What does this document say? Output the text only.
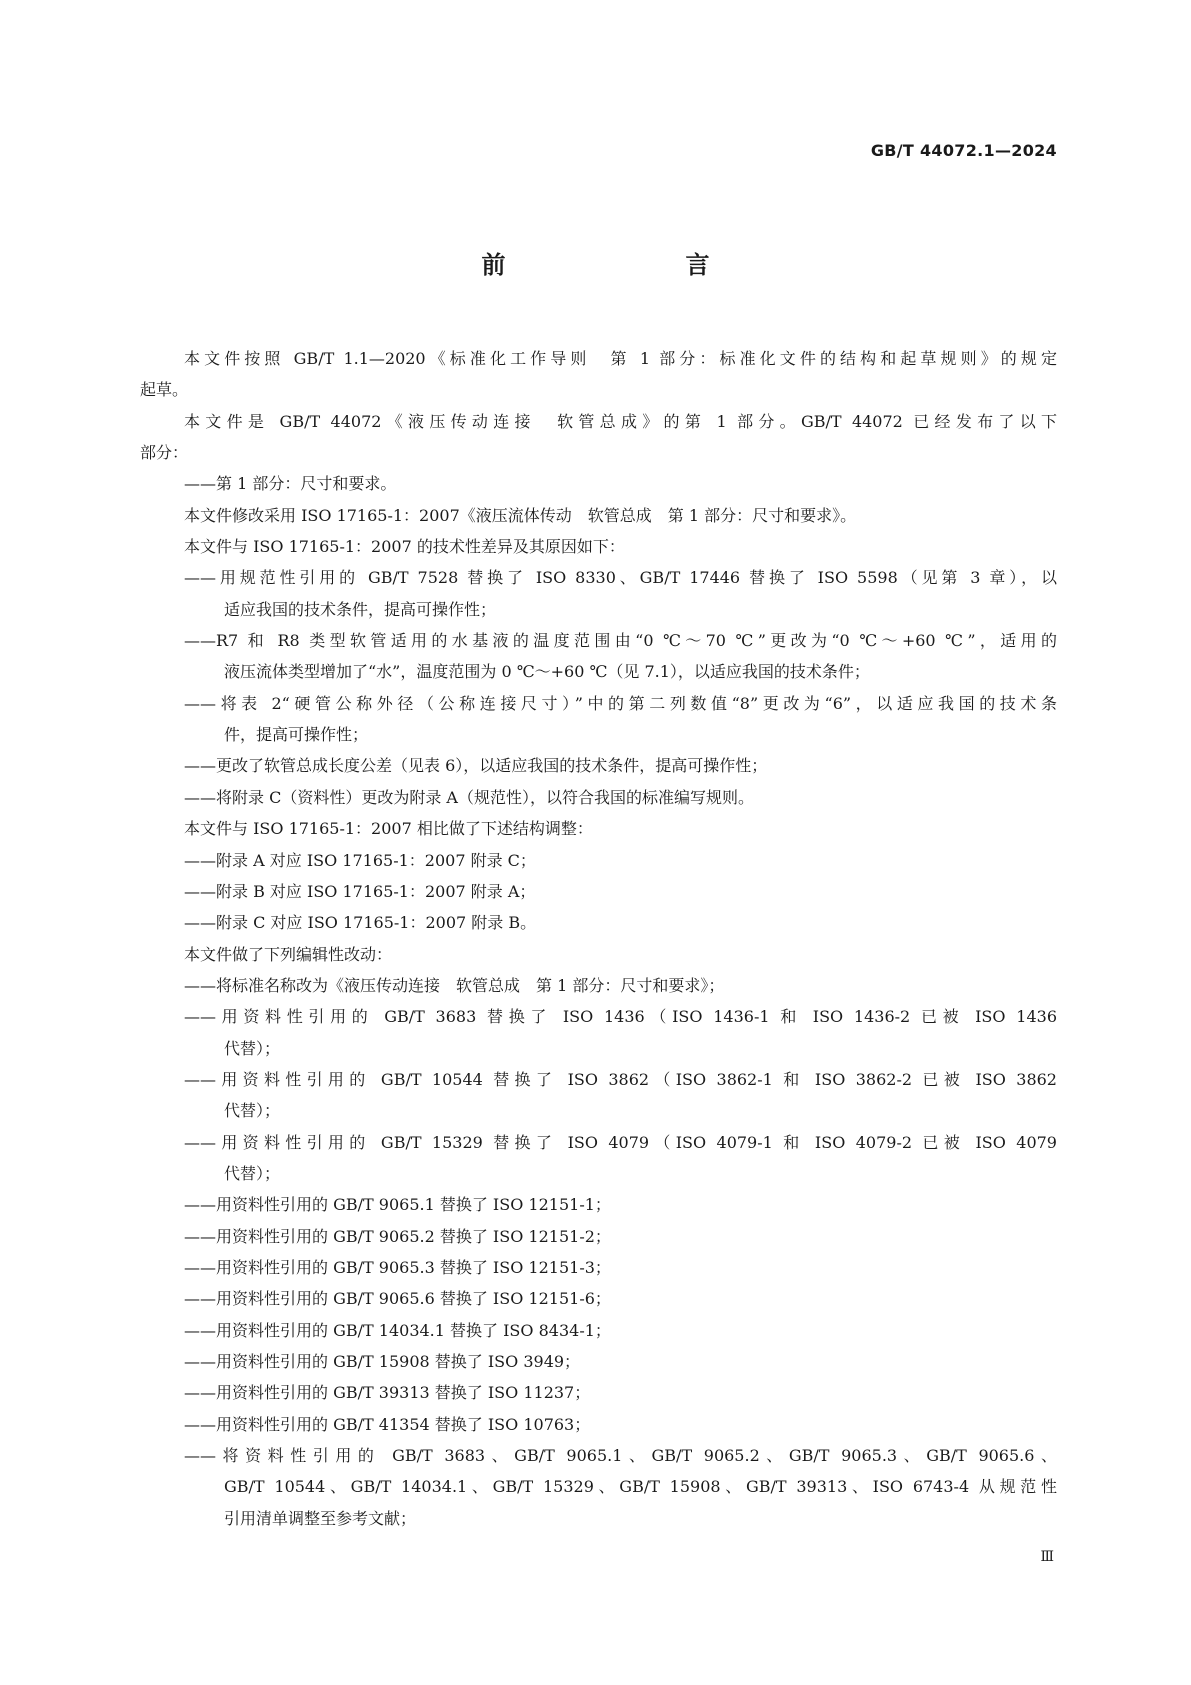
GB/T 44072.1—2024
前　　言
本文件按照 GB/T 1.1—2020《标准化工作导则　第 1 部分：标准化文件的结构和起草规则》的规定
起草。
本文件是 GB/T 44072《液压传动连接　软管总成》的第 1 部分。GB/T 44072 已经发布了以下
部分：
——第 1 部分：尺寸和要求。
本文件修改采用 ISO 17165-1：2007《液压流体传动　软管总成　第 1 部分：尺寸和要求》。
本文件与 ISO 17165-1：2007 的技术性差异及其原因如下：
——用规范性引用的 GB/T 7528 替换了 ISO 8330、GB/T 17446 替换了 ISO 5598（见第 3 章），以
适应我国的技术条件，提高可操作性；
——R7 和 R8 类型软管适用的水基液的温度范围由“0 ℃～70 ℃”更改为“0 ℃～+60 ℃”，适用的
液压流体类型增加了“水”，温度范围为 0 ℃～+60 ℃（见 7.1），以适应我国的技术条件；
——将表 2“硬管公称外径（公称连接尺寸）”中的第二列数值“8”更改为“6”，以适应我国的技术条
件，提高可操作性；
——更改了软管总成长度公差（见表 6），以适应我国的技术条件，提高可操作性；
——将附录 C（资料性）更改为附录 A（规范性），以符合我国的标准编写规则。
本文件与 ISO 17165-1：2007 相比做了下述结构调整：
——附录 A 对应 ISO 17165-1：2007 附录 C；
——附录 B 对应 ISO 17165-1：2007 附录 A；
——附录 C 对应 ISO 17165-1：2007 附录 B。
本文件做了下列编辑性改动：
——将标准名称改为《液压传动连接　软管总成　第 1 部分：尺寸和要求》；
——用资料性引用的 GB/T 3683 替换了 ISO 1436（ISO 1436-1 和 ISO 1436-2 已被 ISO 1436
代替）；
——用资料性引用的 GB/T 10544 替换了 ISO 3862（ISO 3862-1 和 ISO 3862-2 已被 ISO 3862
代替）；
——用资料性引用的 GB/T 15329 替换了 ISO 4079（ISO 4079-1 和 ISO 4079-2 已被 ISO 4079
代替）；
——用资料性引用的 GB/T 9065.1 替换了 ISO 12151-1；
——用资料性引用的 GB/T 9065.2 替换了 ISO 12151-2；
——用资料性引用的 GB/T 9065.3 替换了 ISO 12151-3；
——用资料性引用的 GB/T 9065.6 替换了 ISO 12151-6；
——用资料性引用的 GB/T 14034.1 替换了 ISO 8434-1；
——用资料性引用的 GB/T 15908 替换了 ISO 3949；
——用资料性引用的 GB/T 39313 替换了 ISO 11237；
——用资料性引用的 GB/T 41354 替换了 ISO 10763；
——将资料性引用的 GB/T 3683、GB/T 9065.1、GB/T 9065.2、GB/T 9065.3、GB/T 9065.6、
GB/T 10544、GB/T 14034.1、GB/T 15329、GB/T 15908、GB/T 39313、ISO 6743-4 从规范性
引用清单调整至参考文献；
Ⅲ
